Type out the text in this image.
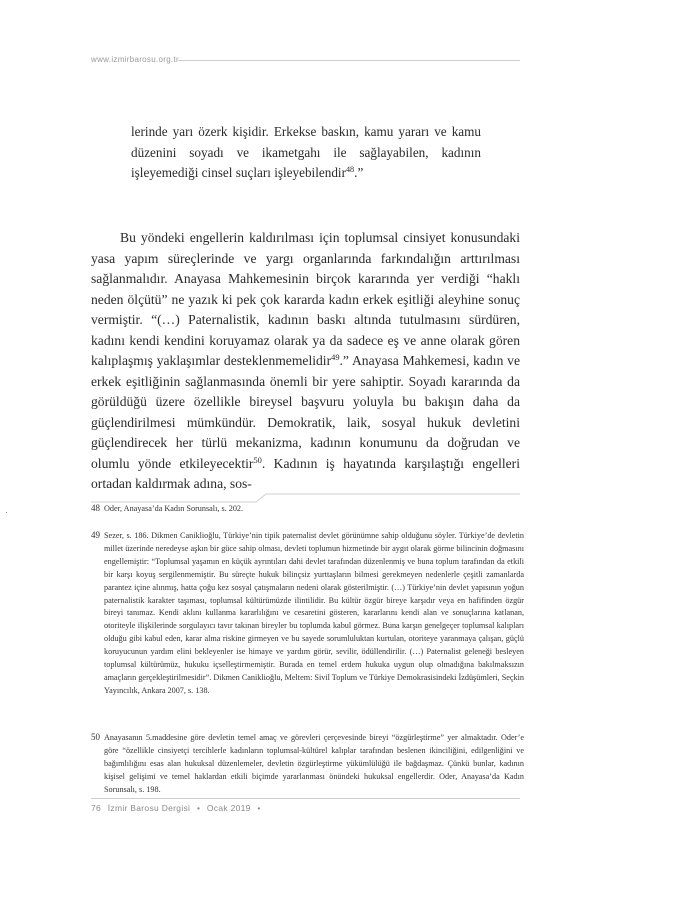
www.izmirbarosu.org.tr

lerinde yarı özerk kişidir. Erkekse baskın, kamu yararı ve kamu düzenini soyadı ve ikametgahı ile sağlayabilen, kadının işleyemediği cinsel suçları işleyebilendir$^{48}$.”

Bu yöndeki engellerin kaldırılması için toplumsal cinsiyet konusundaki yasa yapım süreçlerinde ve yargı organlarında farkındalığın arttırılması sağlanmalıdır. Anayasa Mahkemesinin birçok kararında yer verdiği “haklı neden ölçütü” ne yazık ki pek çok kararda kadın erkek eşitliği aleyhine sonuç vermiştir. “(…) Paternalistik, kadının baskı altında tutulmasını sürdüren, kadını kendi kendini koruyamaz olarak ya da sadece eş ve anne olarak gören kalıplaşmış yaklaşımlar desteklenmemelidir$^{49}$.” Anayasa Mahkemesi, kadın ve erkek eşitliğinin sağlanmasında önemli bir yere sahiptir. Soyadı kararında da görüldüğü üzere özellikle bireysel başvuru yoluyla bu bakışın daha da güçlendirilmesi mümkündür. Demokratik, laik, sosyal hukuk devletini güçlendirecek her türlü mekanizma, kadının konumunu da doğrudan ve olumlu yönde etkileyecektir$^{50}$. Kadının iş hayatında karşılaştığı engelleri ortadan kaldırmak adına, sos-

48 Oder, Anayasa’da Kadın Sorunsalı, s. 202.
49 Sezer, s. 186. Dikmen Caniklioğlu, Türkiye’nin tipik paternalist devlet görünümne sahip olduğunu söyler. Türkiye’de devletin millet üzerinde neredeyse aşkın bir güce sahip olması, devleti toplumun hizmetinde bir aygıt olarak görme bilincinin doğmasını engellemiştir: “Toplumsal yaşamın en küçük ayrıntıları dahi devlet tarafından düzenlenmiş ve buna toplum tarafından da etkili bir karşı koyuş sergilenmemiştir. Bu süreçte hukuk bilinçsiz yurttaşların bilmesi gerekmeyen nedenlerle çeşitli zamanlarda parantez içine alınmış, hatta çoğu kez sosyal çatışmaların nedeni olarak gösterilmiştir. (…) Türkiye’nin devlet yapısının yoğun paternalistik karakter taşıması, toplumsal kültürümüzde ilintilidir. Bu kültür özgür bireye karşıdır veya en hafifinden özgür bireyi tanımaz. Kendi aklını kullanma kararlılığını ve cesaretini gösteren, kararlarını kendi alan ve sonuçlarına katlanan, otoriteyle ilişkilerinde sorgulayıcı tavır takınan bireyler bu toplumda kabul görmez. Buna karşın genelgeçer toplumsal kalıpları olduğu gibi kabul eden, karar alma riskine girmeyen ve bu sayede sorumluluktan kurtulan, otoriteye yaranmaya çalışan, güçlü koruyucunun yardım elini bekleyenler ise himaye ve yardım görür, sevilir, ödüllendirilir. (…) Paternalist geleneği besleyen toplumsal kültürümüz, hukuku içselleştirmemiştir. Burada en temel erdem hukuka uygun olup olmadığına bakılmaksızın amaçların gerçekleştirilmesidir”. Dikmen Caniklioğlu, Meltem: Sivil Toplum ve Türkiye Demokrasisindeki İzdüşümleri, Seçkin Yayıncılık, Ankara 2007, s. 138.
50 Anayasanın 5.maddesine göre devletin temel amaç ve görevleri çerçevesinde bireyi “özgürleştirme” yer almaktadır. Oder’e göre “özellikle cinsiyetçi tercihlerle kadınların toplumsal-kültürel kalıplar tarafından beslenen ikinciliğini, edilgenliğini ve bağımlılığını esas alan hukuksal düzenlemeler, devletin özgürleştirme yükümlülüğü ile bağdaşmaz. Çünkü bunlar, kadının kişisel gelişimi ve temel haklardan etkili biçimde yararlanması önündeki hukuksal engellerdir. Oder, Anayasa’da Kadın Sorunsalı, s. 198.
76 İzmir Barosu Dergisi • Ocak 2019 •
